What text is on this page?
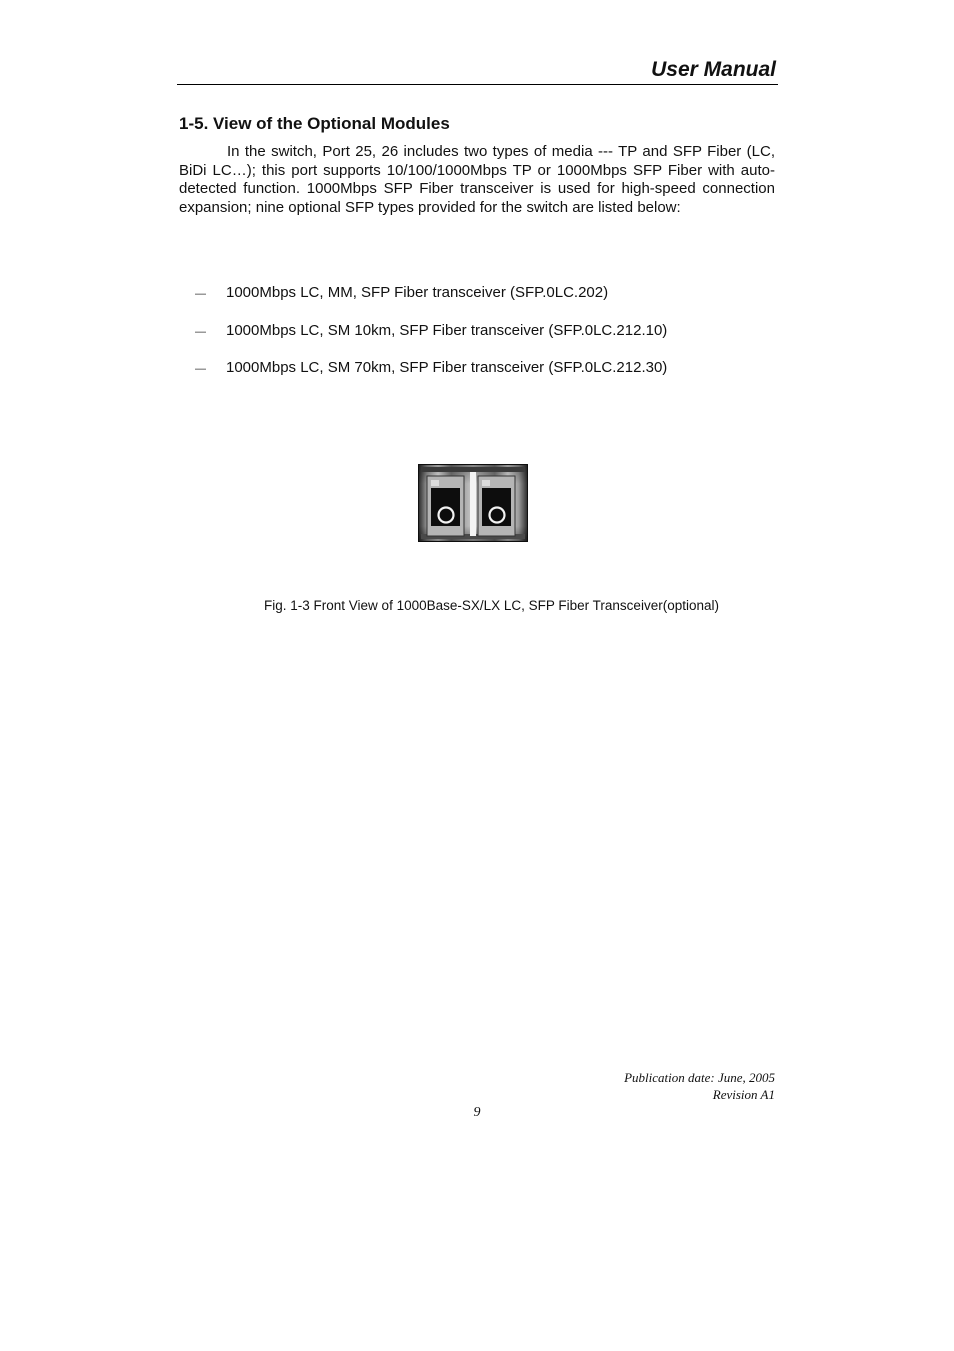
User Manual
1-5. View of the Optional Modules

In the switch, Port 25, 26 includes two types of media --- TP and SFP Fiber (LC, BiDi LC…); this port supports 10/100/1000Mbps TP or 1000Mbps SFP Fiber with auto-detected function. 1000Mbps SFP Fiber transceiver is used for high-speed connection expansion; nine optional SFP types provided for the switch are listed below:

— 1000Mbps LC, MM, SFP Fiber transceiver (SFP.0LC.202)
— 1000Mbps LC, SM 10km, SFP Fiber transceiver (SFP.0LC.212.10)
— 1000Mbps LC, SM 70km, SFP Fiber transceiver (SFP.0LC.212.30)
Fig. 1-3 Front View of 1000Base-SX/LX LC, SFP Fiber Transceiver(optional)
Publication date: June, 2005
Revision A1
9
